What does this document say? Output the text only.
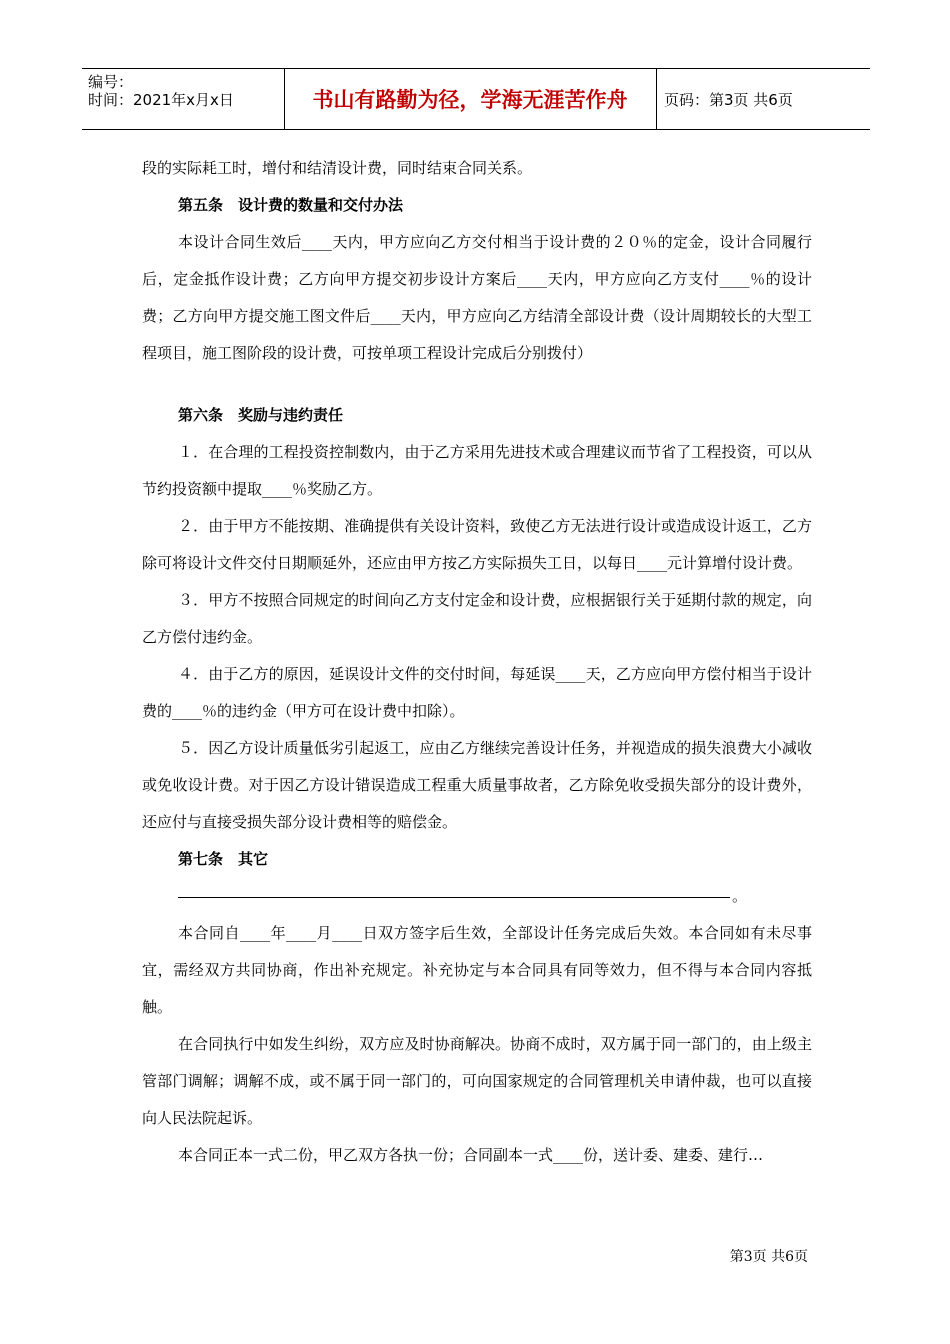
编号：
时间：2021年x月x日	书山有路勤为径，学海无涯苦作舟	页码：第3页 共6页

段的实际耗工时，增付和结清设计费，同时结束合同关系。

第五条　设计费的数量和交付办法

本设计合同生效后____天内，甲方应向乙方交付相当于设计费的２０％的定金，设计合同履行后，定金抵作设计费；乙方向甲方提交初步设计方案后____天内，甲方应向乙方支付____％的设计费；乙方向甲方提交施工图文件后____天内，甲方应向乙方结清全部设计费（设计周期较长的大型工程项目，施工图阶段的设计费，可按单项工程设计完成后分别拨付）

第六条　奖励与违约责任

１．在合理的工程投资控制数内，由于乙方采用先进技术或合理建议而节省了工程投资，可以从节约投资额中提取____％奖励乙方。

２．由于甲方不能按期、准确提供有关设计资料，致使乙方无法进行设计或造成设计返工，乙方除可将设计文件交付日期顺延外，还应由甲方按乙方实际损失工日，以每日____元计算增付设计费。

３．甲方不按照合同规定的时间向乙方支付定金和设计费，应根据银行关于延期付款的规定，向乙方偿付违约金。

４．由于乙方的原因，延误设计文件的交付时间，每延误____天，乙方应向甲方偿付相当于设计费的____％的违约金（甲方可在设计费中扣除）。

５．因乙方设计质量低劣引起返工，应由乙方继续完善设计任务，并视造成的损失浪费大小减收或免收设计费。对于因乙方设计错误造成工程重大质量事故者，乙方除免收受损失部分的设计费外，还应付与直接受损失部分设计费相等的赔偿金。

第七条　其它

。

本合同自____年____月____日双方签字后生效，全部设计任务完成后失效。本合同如有未尽事宜，需经双方共同协商，作出补充规定。补充协定与本合同具有同等效力，但不得与本合同内容抵触。

在合同执行中如发生纠纷，双方应及时协商解决。协商不成时，双方属于同一部门的，由上级主管部门调解；调解不成，或不属于同一部门的，可向国家规定的合同管理机关申请仲裁，也可以直接向人民法院起诉。

本合同正本一式二份，甲乙双方各执一份；合同副本一式____份，送计委、建委、建行…

第3页 共6页
